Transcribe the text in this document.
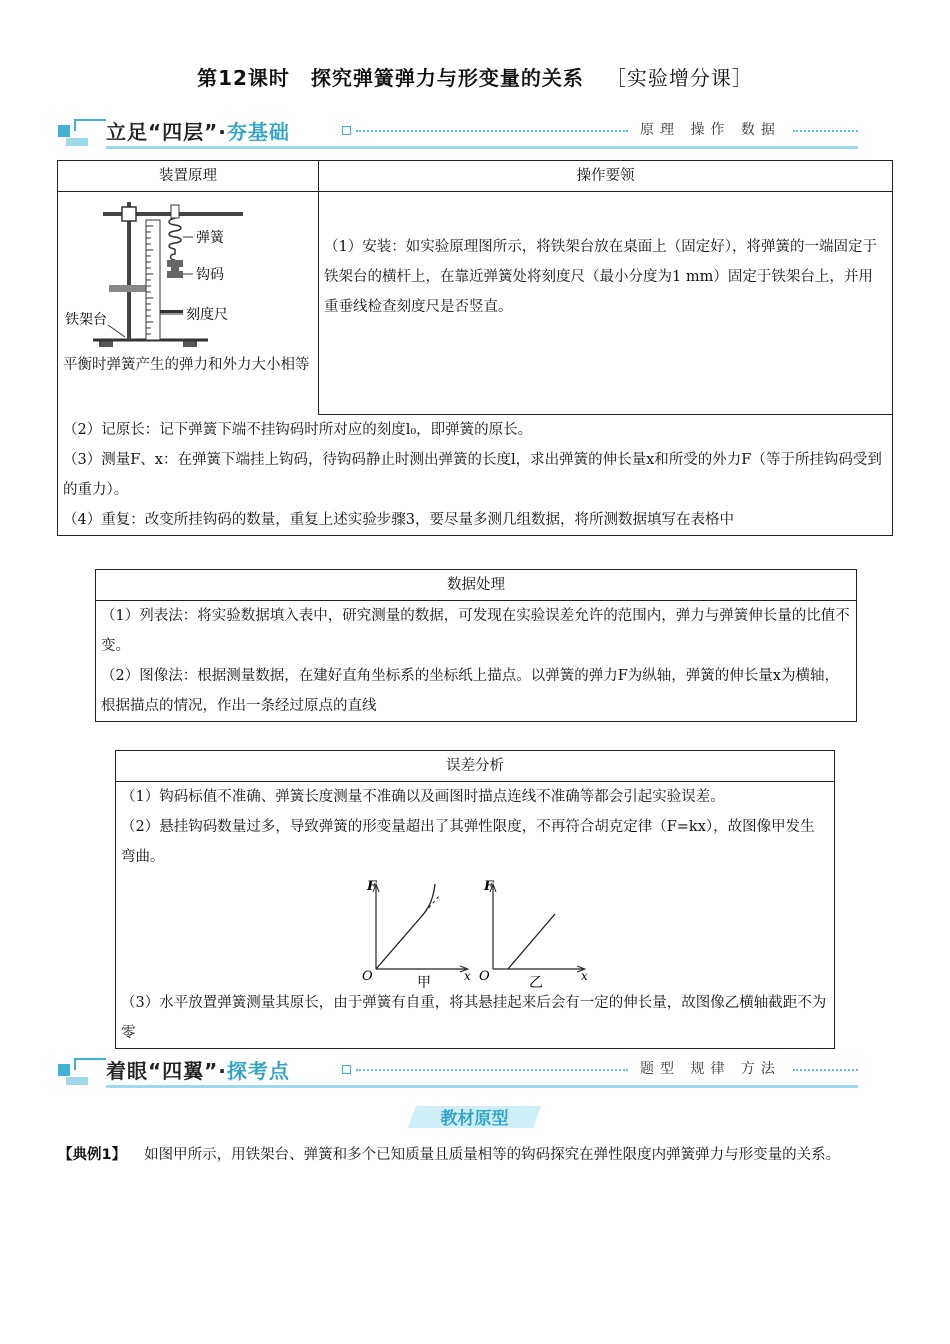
第12课时　探究弹簧弹力与形变量的关系 ［实验增分课］
立足“四层”·夯基础	原理 操作 数据
装置原理	操作要领

弹簧
钩码
刻度尺
铁架台
平衡时弹簧产生的弹力和外力大小相等	（1）安装：如实验原理图所示，将铁架台放在桌面上（固定好），将弹簧的一端固定于铁架台的横杆上，在靠近弹簧处将刻度尺（最小分度为1 mm）固定于铁架台上，并用重垂线检查刻度尺是否竖直。

（2）记原长：记下弹簧下端不挂钩码时所对应的刻度l₀，即弹簧的原长。
（3）测量F、x：在弹簧下端挂上钩码，待钩码静止时测出弹簧的长度l，求出弹簧的伸长量x和所受的外力F（等于所挂钩码受到的重力）。
（4）重复：改变所挂钩码的数量，重复上述实验步骤3，要尽量多测几组数据，将所测数据填写在表格中	
数据处理

（1）列表法：将实验数据填入表中，研究测量的数据，可发现在实验误差允许的范围内，弹力与弹簧伸长量的比值不变。
（2）图像法：根据测量数据，在建好直角坐标系的坐标纸上描点。以弹簧的弹力F为纵轴，弹簧的伸长量x为横轴，根据描点的情况，作出一条经过原点的直线
误差分析

（1）钩码标值不准确、弹簧长度测量不准确以及画图时描点连线不准确等都会引起实验误差。
（2）悬挂钩码数量过多，导致弹簧的形变量超出了其弹性限度，不再符合胡克定律（F=kx），故图像甲发生弯曲。
F
O	x
甲
F
O	x
乙
（3）水平放置弹簧测量其原长，由于弹簧有自重，将其悬挂起来后会有一定的伸长量，故图像乙横轴截距不为零
着眼“四翼”·探考点	题型 规律 方法
教材原型
【典例1】 如图甲所示，用铁架台、弹簧和多个已知质量且质量相等的钩码探究在弹性限度内弹簧弹力与形变量的关系。
